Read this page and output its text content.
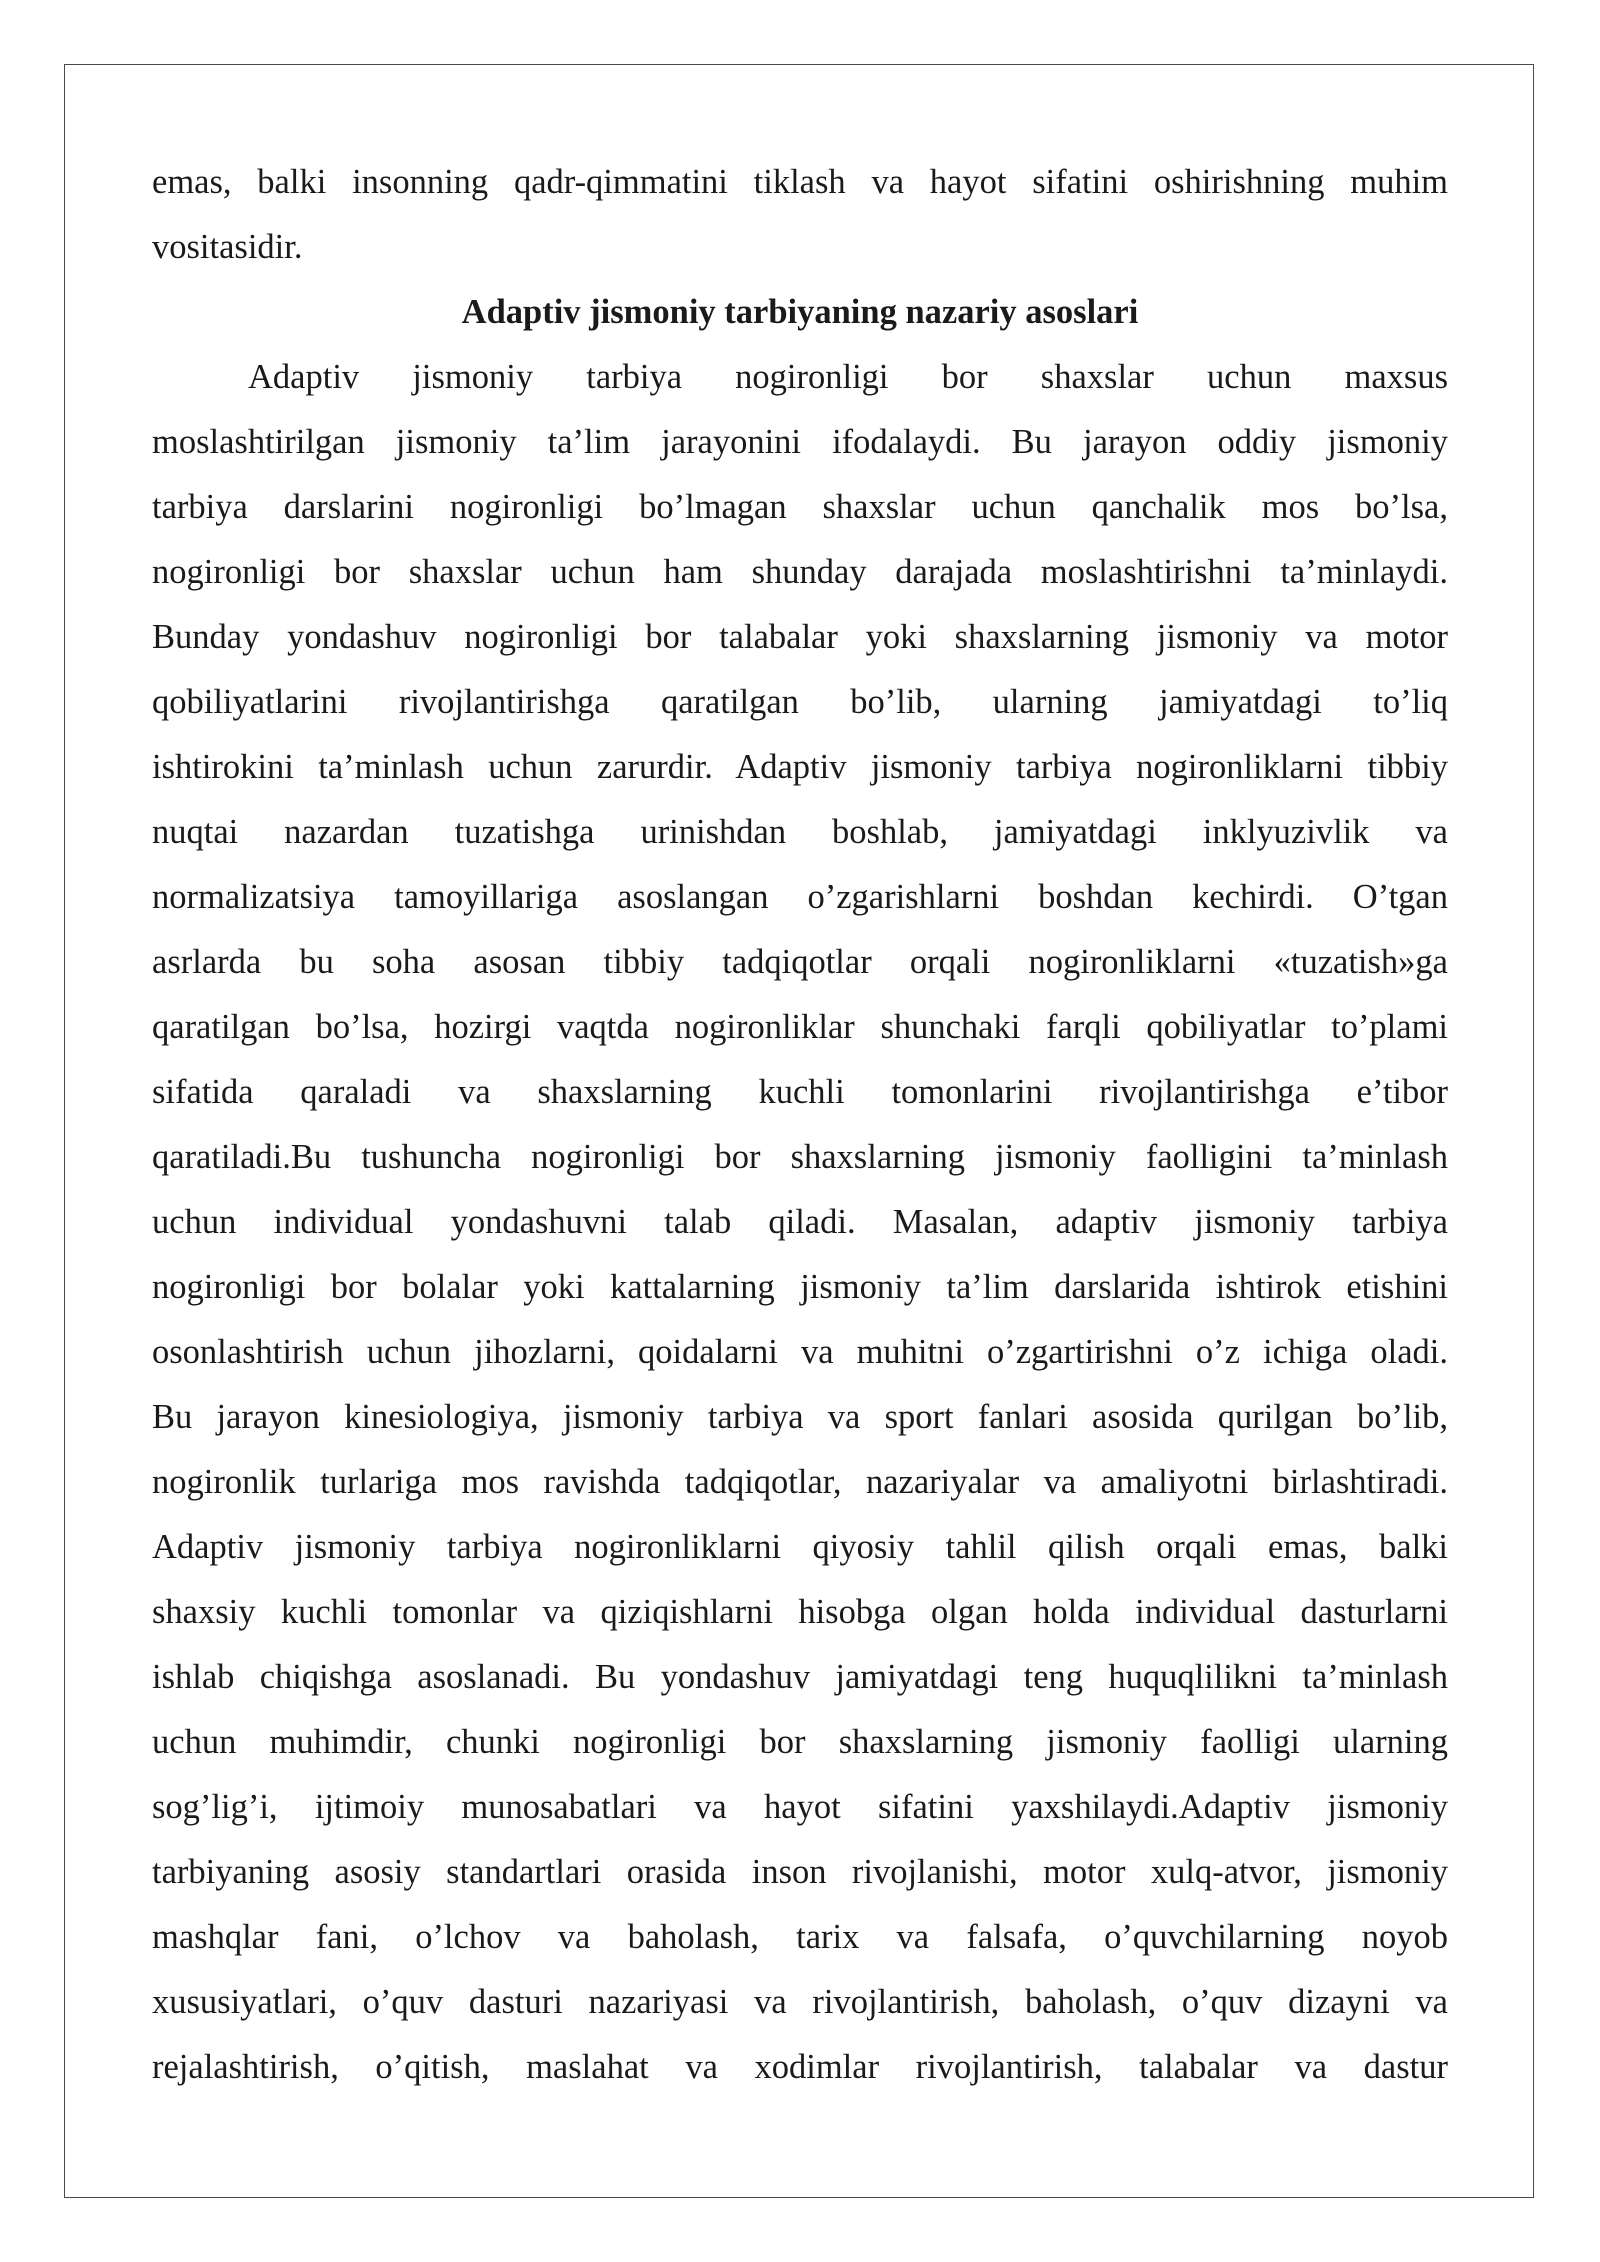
emas, balki insonning qadr-qimmatini tiklash va hayot sifatini oshirishning muhim
vositasidir.
Adaptiv jismoniy tarbiyaning nazariy asoslari
Adaptiv jismoniy tarbiya nogironligi bor shaxslar uchun maxsus
moslashtirilgan jismoniy ta’lim jarayonini ifodalaydi. Bu jarayon oddiy jismoniy
tarbiya darslarini nogironligi bo’lmagan shaxslar uchun qanchalik mos bo’lsa,
nogironligi bor shaxslar uchun ham shunday darajada moslashtirishni ta’minlaydi.
Bunday yondashuv nogironligi bor talabalar yoki shaxslarning jismoniy va motor
qobiliyatlarini rivojlantirishga qaratilgan bo’lib, ularning jamiyatdagi to’liq
ishtirokini ta’minlash uchun zarurdir. Adaptiv jismoniy tarbiya nogironliklarni tibbiy
nuqtai nazardan tuzatishga urinishdan boshlab, jamiyatdagi inklyuzivlik va
normalizatsiya tamoyillariga asoslangan o’zgarishlarni boshdan kechirdi. O’tgan
asrlarda bu soha asosan tibbiy tadqiqotlar orqali nogironliklarni «tuzatish»ga
qaratilgan bo’lsa, hozirgi vaqtda nogironliklar shunchaki farqli qobiliyatlar to’plami
sifatida qaraladi va shaxslarning kuchli tomonlarini rivojlantirishga e’tibor
qaratiladi.Bu tushuncha nogironligi bor shaxslarning jismoniy faolligini ta’minlash
uchun individual yondashuvni talab qiladi. Masalan, adaptiv jismoniy tarbiya
nogironligi bor bolalar yoki kattalarning jismoniy ta’lim darslarida ishtirok etishini
osonlashtirish uchun jihozlarni, qoidalarni va muhitni o’zgartirishni o’z ichiga oladi.
Bu jarayon kinesiologiya, jismoniy tarbiya va sport fanlari asosida qurilgan bo’lib,
nogironlik turlariga mos ravishda tadqiqotlar, nazariyalar va amaliyotni birlashtiradi.
Adaptiv jismoniy tarbiya nogironliklarni qiyosiy tahlil qilish orqali emas, balki
shaxsiy kuchli tomonlar va qiziqishlarni hisobga olgan holda individual dasturlarni
ishlab chiqishga asoslanadi. Bu yondashuv jamiyatdagi teng huquqlilikni ta’minlash
uchun muhimdir, chunki nogironligi bor shaxslarning jismoniy faolligi ularning
sog’lig’i, ijtimoiy munosabatlari va hayot sifatini yaxshilaydi.Adaptiv jismoniy
tarbiyaning asosiy standartlari orasida inson rivojlanishi, motor xulq-atvor, jismoniy
mashqlar fani, o’lchov va baholash, tarix va falsafa, o’quvchilarning noyob
xususiyatlari, o’quv dasturi nazariyasi va rivojlantirish, baholash, o’quv dizayni va
rejalashtirish, o’qitish, maslahat va xodimlar rivojlantirish, talabalar va dastur
